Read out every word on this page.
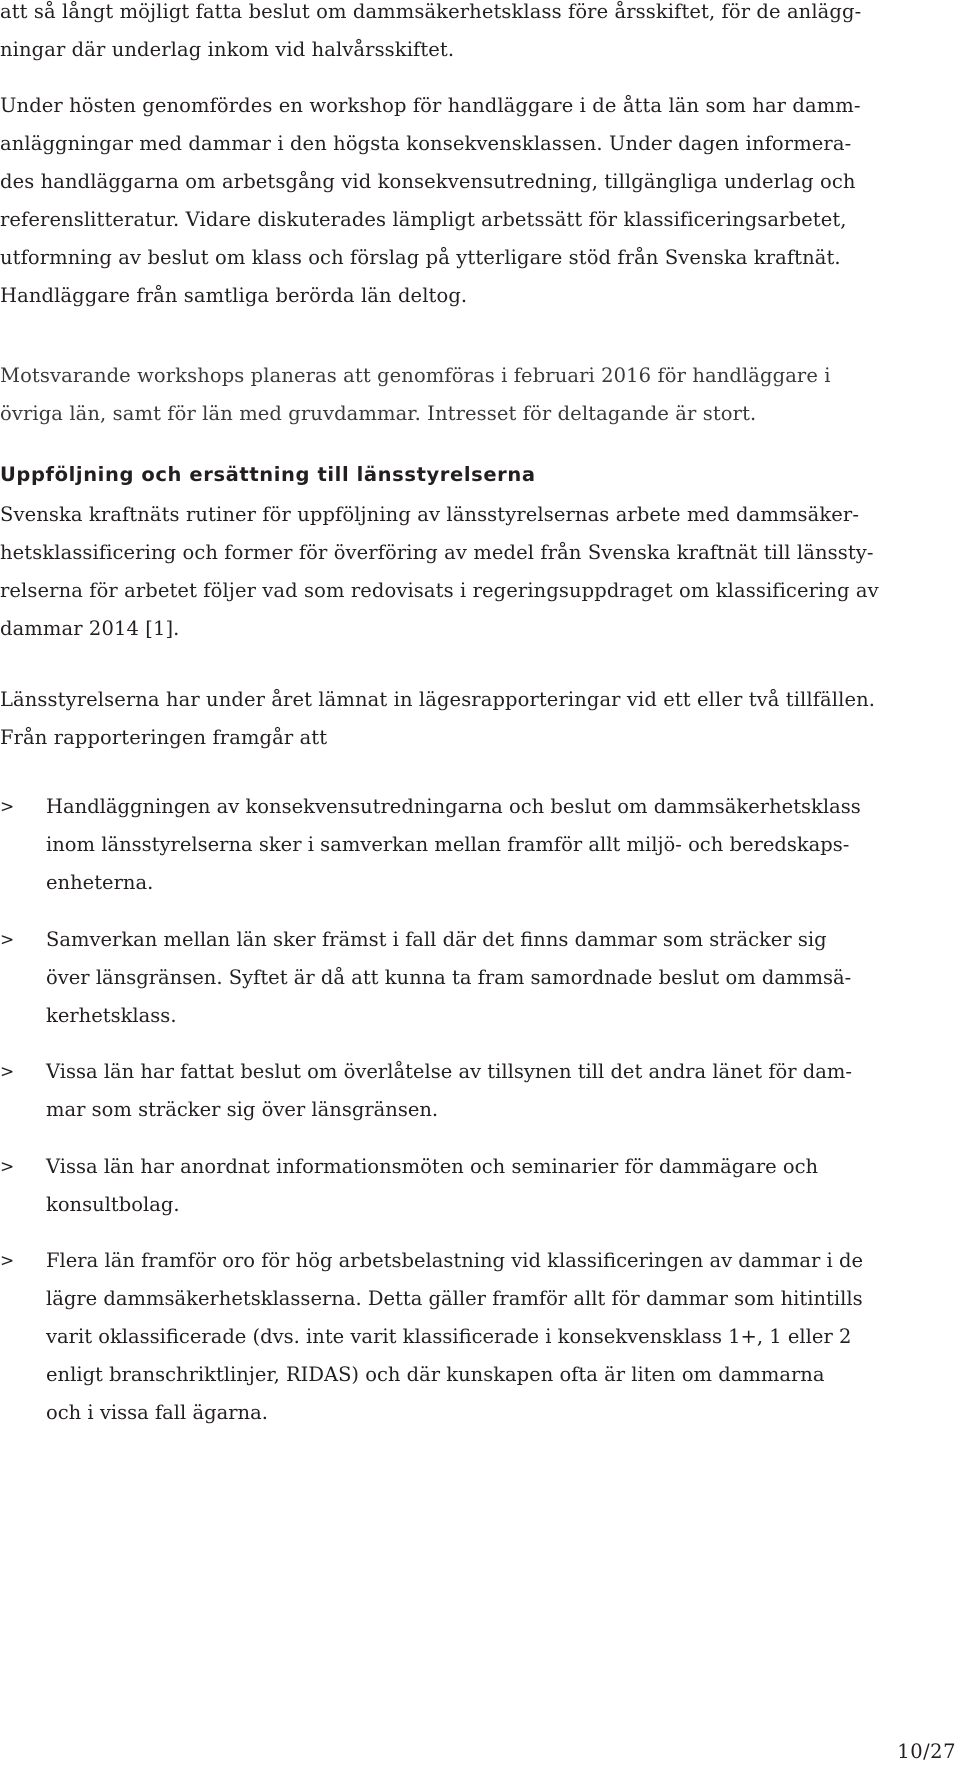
att så långt möjligt fatta beslut om dammsäkerhetsklass före årsskiftet, för de anlägg-
ningar där underlag inkom vid halvårsskiftet.
Under hösten genomfördes en workshop för handläggare i de åtta län som har damm-
anläggningar med dammar i den högsta konsekvensklassen. Under dagen informera-
des handläggarna om arbetsgång vid konsekvensutredning, tillgängliga underlag och
referenslitteratur. Vidare diskuterades lämpligt arbetssätt för klassificeringsarbetet,
utformning av beslut om klass och förslag på ytterligare stöd från Svenska kraftnät.
Handläggare från samtliga berörda län deltog.
Motsvarande workshops planeras att genomföras i februari 2016 för handläggare i
övriga län, samt för län med gruvdammar. Intresset för deltagande är stort.
Uppföljning och ersättning till länsstyrelserna
Svenska kraftnäts rutiner för uppföljning av länsstyrelsernas arbete med dammsäker-
hetsklassificering och former för överföring av medel från Svenska kraftnät till länssty-
relserna för arbetet följer vad som redovisats i regeringsuppdraget om klassificering av
dammar 2014 [1].
Länsstyrelserna har under året lämnat in lägesrapporteringar vid ett eller två tillfällen.
Från rapporteringen framgår att
> Handläggningen av konsekvensutredningarna och beslut om dammsäkerhetsklass
inom länsstyrelserna sker i samverkan mellan framför allt miljö- och beredskaps-
enheterna.
> Samverkan mellan län sker främst i fall där det finns dammar som sträcker sig
över länsgränsen. Syftet är då att kunna ta fram samordnade beslut om dammsä-
kerhetsklass.
> Vissa län har fattat beslut om överlåtelse av tillsynen till det andra länet för dam-
mar som sträcker sig över länsgränsen.
> Vissa län har anordnat informationsmöten och seminarier för dammägare och
konsultbolag.
> Flera län framför oro för hög arbetsbelastning vid klassificeringen av dammar i de
lägre dammsäkerhetsklasserna. Detta gäller framför allt för dammar som hitintills
varit oklassificerade (dvs. inte varit klassificerade i konsekvensklass 1+, 1 eller 2
enligt branschriktlinjer, RIDAS) och där kunskapen ofta är liten om dammarna
och i vissa fall ägarna.
10/27
